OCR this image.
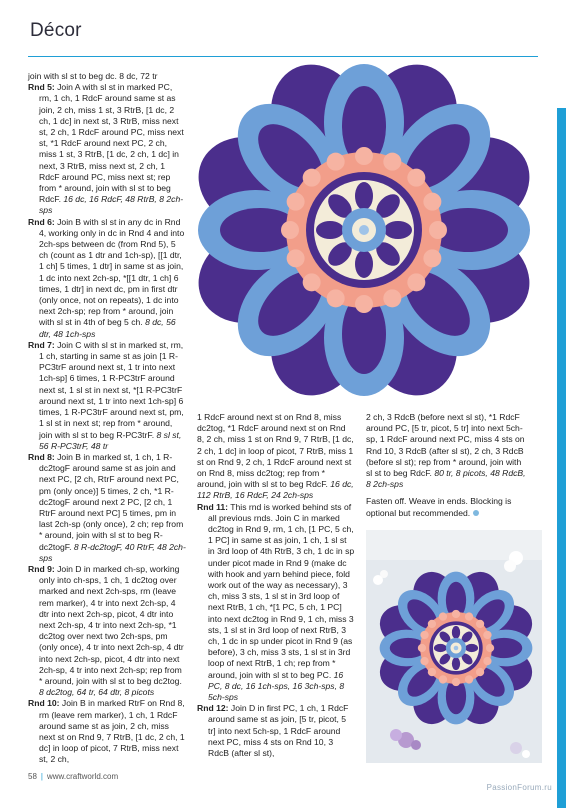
Décor

join with sl st to beg dc. 8 dc, 72 tr

Rnd 5: Join A with sl st in marked PC, rm, 1 ch, 1 RdcF around same st as join, 2 ch, miss 1 st, 3 RtrB, [1 dc, 2 ch, 1 dc] in next st, 3 RtrB, miss next st, 2 ch, 1 RdcF around PC, miss next st, *1 RdcF around next PC, 2 ch, miss 1 st, 3 RtrB, [1 dc, 2 ch, 1 dc] in next, 3 RtrB, miss next st, 2 ch, 1 RdcF around PC, miss next st; rep from * around, join with sl st to beg RdcF. 16 dc, 16 RdcF, 48 RtrB, 8 2ch-sps

Rnd 6: Join B with sl st in any dc in Rnd 4, working only in dc in Rnd 4 and into 2ch-sps between dc (from Rnd 5), 5 ch (count as 1 dtr and 1ch-sp), [[1 dtr, 1 ch] 5 times, 1 dtr] in same st as join, 1 dc into next 2ch-sp, *[[1 dtr, 1 ch] 6 times, 1 dtr] in next dc, pm in first dtr (only once, not on repeats), 1 dc into next 2ch-sp; rep from * around, join with sl st in 4th of beg 5 ch. 8 dc, 56 dtr, 48 1ch-sps

Rnd 7: Join C with sl st in marked st, rm, 1 ch, starting in same st as join [1 R-PC3trF around next st, 1 tr into next 1ch-sp] 6 times, 1 R-PC3trF around next st, 1 sl st in next st, *[1 R-PC3trF around next st, 1 tr into next 1ch-sp] 6 times, 1 R-PC3trF around next st, pm, 1 sl st in next st; rep from * around, join with sl st to beg R-PC3trF. 8 sl st, 56 R-PC3trF, 48 tr

Rnd 8: Join B in marked st, 1 ch, 1 R-dc2togF around same st as join and next PC, [2 ch, RtrF around next PC, pm (only once)] 5 times, 2 ch, *1 R-dc2togF around next 2 PC, [2 ch, 1 RtrF around next PC] 5 times, pm in last 2ch-sp (only once), 2 ch; rep from * around, join with sl st to beg R-dc2togF. 8 R-dc2togF, 40 RtrF, 48 2ch-sps

Rnd 9: Join D in marked ch-sp, working only into ch-sps, 1 ch, 1 dc2tog over marked and next 2ch-sps, rm (leave rem marker), 4 tr into next 2ch-sp, 4 dtr into next 2ch-sp, picot, 4 dtr into next 2ch-sp, 4 tr into next 2ch-sp, *1 dc2tog over next two 2ch-sps, pm (only once), 4 tr into next 2ch-sp, 4 dtr into next 2ch-sp, picot, 4 dtr into next 2ch-sp, 4 tr into next 2ch-sp; rep from * around, join with sl st to beg dc2tog. 8 dc2tog, 64 tr, 64 dtr, 8 picots

Rnd 10: Join B in marked RtrF on Rnd 8, rm (leave rem marker), 1 ch, 1 RdcF around same st as join, 2 ch, miss next st on Rnd 9, 7 RtrB, [1 dc, 2 ch, 1 dc] in loop of picot, 7 RtrB, miss next st, 2 ch,

1 RdcF around next st on Rnd 8, miss dc2tog, *1 RdcF around next st on Rnd 8, 2 ch, miss 1 st on Rnd 9, 7 RtrB, [1 dc, 2 ch, 1 dc] in loop of picot, 7 RtrB, miss 1 st on Rnd 9, 2 ch, 1 RdcF around next st on Rnd 8, miss dc2tog; rep from * around, join with sl st to beg RdcF. 16 dc, 112 RtrB, 16 RdcF, 24 2ch-sps

Rnd 11: This rnd is worked behind sts of all previous rnds. Join C in marked dc2tog in Rnd 9, rm, 1 ch, [1 PC, 5 ch, 1 PC] in same st as join, 1 ch, 1 sl st in 3rd loop of 4th RtrB, 3 ch, 1 dc in sp under picot made in Rnd 9 (make dc with hook and yarn behind piece, fold work out of the way as necessary), 3 ch, miss 3 sts, 1 sl st in 3rd loop of next RtrB, 1 ch, *[1 PC, 5 ch, 1 PC] into next dc2tog in Rnd 9, 1 ch, miss 3 sts, 1 sl st in 3rd loop of next RtrB, 3 ch, 1 dc in sp under picot in Rnd 9 (as before), 3 ch, miss 3 sts, 1 sl st in 3rd loop of next RtrB, 1 ch; rep from * around, join with sl st to beg PC. 16 PC, 8 dc, 16 1ch-sps, 16 3ch-sps, 8 5ch-sps

Rnd 12: Join D in first PC, 1 ch, 1 RdcF around same st as join, [5 tr, picot, 5 tr] into next 5ch-sp, 1 RdcF around next PC, miss 4 sts on Rnd 10, 3 RdcB (after sl st),

2 ch, 3 RdcB (before next sl st), *1 RdcF around PC, [5 tr, picot, 5 tr] into next 5ch-sp, 1 RdcF around next PC, miss 4 sts on Rnd 10, 3 RdcB (after sl st), 2 ch, 3 RdcB (before sl st); rep from * around, join with sl st to beg RdcF. 80 tr, 8 picots, 48 RdcB, 8 2ch-sps

Fasten off. Weave in ends. Blocking is optional but recommended.

58 | www.craftworld.com
PassionForum.ru
